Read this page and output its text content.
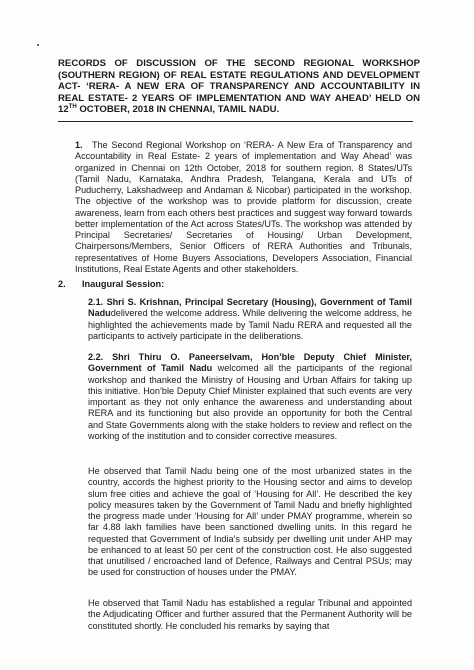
RECORDS OF DISCUSSION OF THE SECOND REGIONAL WORKSHOP (SOUTHERN REGION) OF REAL ESTATE REGULATIONS AND DEVELOPMENT ACT- ‘RERA- A NEW ERA OF TRANSPARENCY AND ACCOUNTABILITY IN REAL ESTATE- 2 YEARS OF IMPLEMENTATION AND WAY AHEAD’ HELD ON 12TH OCTOBER, 2018 IN CHENNAI, TAMIL NADU.
1.	The Second Regional Workshop on ‘RERA- A New Era of Transparency and Accountability in Real Estate- 2 years of implementation and Way Ahead’ was organized in Chennai on 12th October, 2018 for southern region. 8 States/UTs (Tamil Nadu, Karnataka, Andhra Pradesh, Telangana, Kerala and UTs of Puducherry, Lakshadweep and Andaman & Nicobar) participated in the workshop. The objective of the workshop was to provide platform for discussion, create awareness, learn from each others best practices and suggest way forward towards better implementation of the Act across States/UTs. The workshop was attended by Principal Secretaries/ Secretaries of Housing/ Urban Development, Chairpersons/Members, Senior Officers of RERA Authorities and Tribunals, representatives of Home Buyers Associations, Developers Association, Financial Institutions, Real Estate Agents and other stakeholders.

2. Inaugural Session:

2.1. Shri S. Krishnan, Principal Secretary (Housing), Government of Tamil Nadudelivered the welcome address. While delivering the welcome address, he highlighted the achievements made by Tamil Nadu RERA and requested all the participants to actively participate in the deliberations.

2.2. Shri Thiru O. Paneerselvam, Hon’ble Deputy Chief Minister, Government of Tamil Nadu welcomed all the participants of the regional workshop and thanked the Ministry of Housing and Urban Affairs for taking up this initiative. Hon’ble Deputy Chief Minister explained that such events are very important as they not only enhance the awareness and understanding about RERA and its functioning but also provide an opportunity for both the Central and State Governments along with the stake holders to review and reflect on the working of the institution and to consider corrective measures.

He observed that Tamil Nadu being one of the most urbanized states in the country, accords the highest priority to the Housing sector and aims to develop slum free cities and achieve the goal of ‘Housing for All’. He described the key policy measures taken by the Government of Tamil Nadu and briefly highlighted the progress made under ‘Housing for All’ under PMAY programme, wherein so far 4.88 lakh families have been sanctioned dwelling units. In this regard he requested that Government of India’s subsidy per dwelling unit under AHP may be enhanced to at least 50 per cent of the construction cost. He also suggested that unutilised / encroached land of Defence, Railways and Central PSUs; may be used for construction of houses under the PMAY.

He observed that Tamil Nadu has established a regular Tribunal and appointed the Adjudicating Officer and further assured that the Permanent Authority will be constituted shortly. He concluded his remarks by saying that
